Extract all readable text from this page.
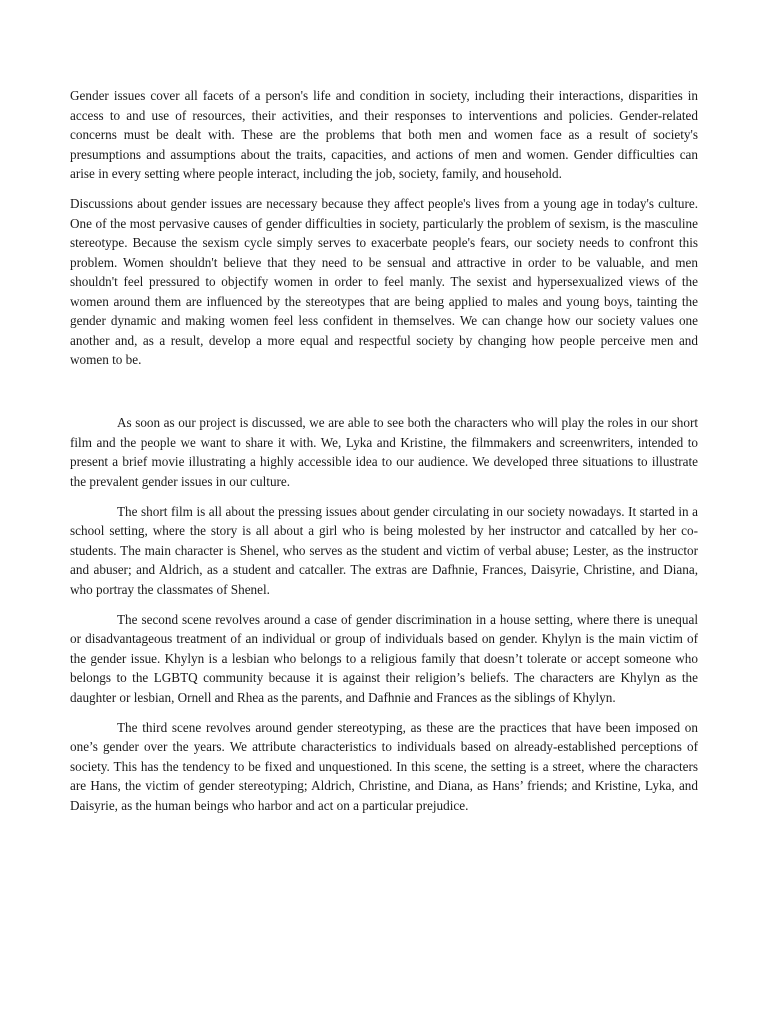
Gender issues cover all facets of a person's life and condition in society, including their interactions, disparities in access to and use of resources, their activities, and their responses to interventions and policies. Gender-related concerns must be dealt with. These are the problems that both men and women face as a result of society's presumptions and assumptions about the traits, capacities, and actions of men and women. Gender difficulties can arise in every setting where people interact, including the job, society, family, and household.

Discussions about gender issues are necessary because they affect people's lives from a young age in today's culture. One of the most pervasive causes of gender difficulties in society, particularly the problem of sexism, is the masculine stereotype. Because the sexism cycle simply serves to exacerbate people's fears, our society needs to confront this problem. Women shouldn't believe that they need to be sensual and attractive in order to be valuable, and men shouldn't feel pressured to objectify women in order to feel manly. The sexist and hypersexualized views of the women around them are influenced by the stereotypes that are being applied to males and young boys, tainting the gender dynamic and making women feel less confident in themselves. We can change how our society values one another and, as a result, develop a more equal and respectful society by changing how people perceive men and women to be.

As soon as our project is discussed, we are able to see both the characters who will play the roles in our short film and the people we want to share it with. We, Lyka and Kristine, the filmmakers and screenwriters, intended to present a brief movie illustrating a highly accessible idea to our audience. We developed three situations to illustrate the prevalent gender issues in our culture.

The short film is all about the pressing issues about gender circulating in our society nowadays. It started in a school setting, where the story is all about a girl who is being molested by her instructor and catcalled by her co-students. The main character is Shenel, who serves as the student and victim of verbal abuse; Lester, as the instructor and abuser; and Aldrich, as a student and catcaller. The extras are Dafhnie, Frances, Daisyrie, Christine, and Diana, who portray the classmates of Shenel.

The second scene revolves around a case of gender discrimination in a house setting, where there is unequal or disadvantageous treatment of an individual or group of individuals based on gender. Khylyn is the main victim of the gender issue. Khylyn is a lesbian who belongs to a religious family that doesn’t tolerate or accept someone who belongs to the LGBTQ community because it is against their religion’s beliefs. The characters are Khylyn as the daughter or lesbian, Ornell and Rhea as the parents, and Dafhnie and Frances as the siblings of Khylyn.

The third scene revolves around gender stereotyping, as these are the practices that have been imposed on one’s gender over the years. We attribute characteristics to individuals based on already-established perceptions of society. This has the tendency to be fixed and unquestioned. In this scene, the setting is a street, where the characters are Hans, the victim of gender stereotyping; Aldrich, Christine, and Diana, as Hans’ friends; and Kristine, Lyka, and Daisyrie, as the human beings who harbor and act on a particular prejudice.
